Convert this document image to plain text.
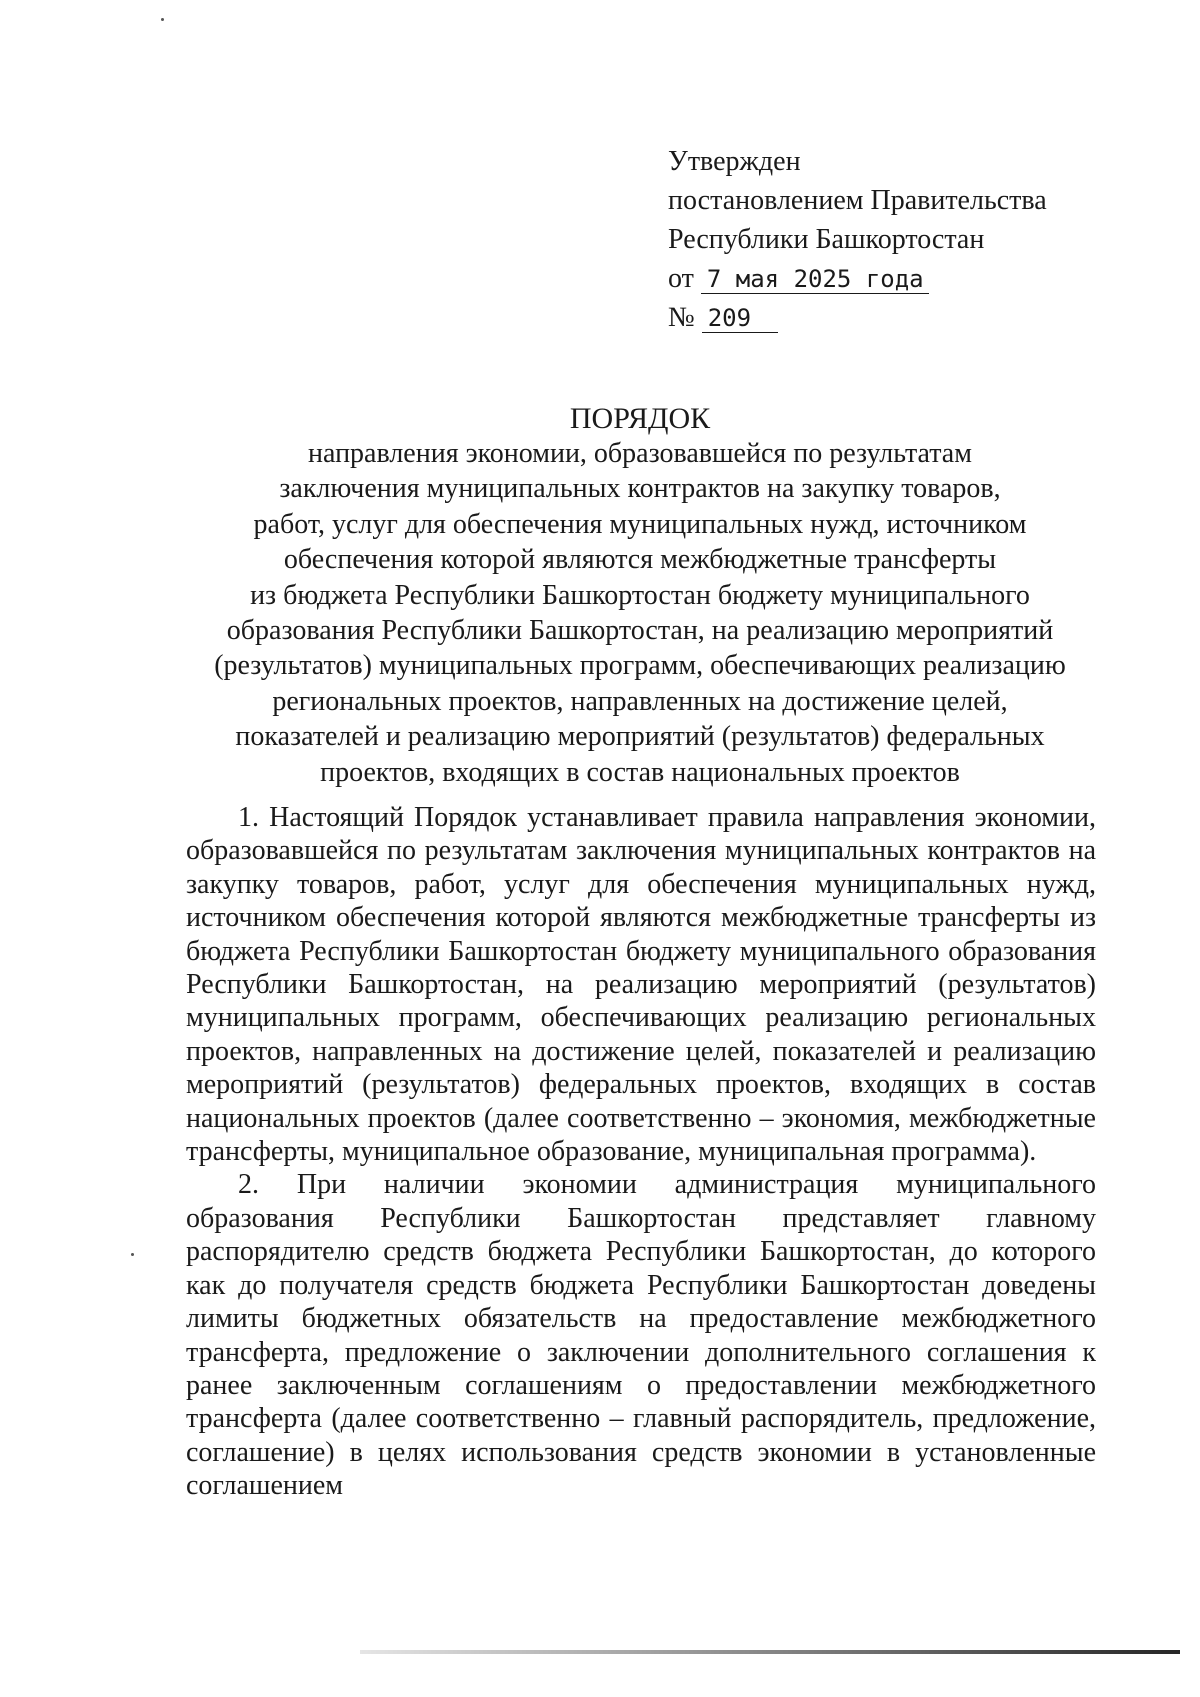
Утвержден
постановлением Правительства
Республики Башкортостан
от 7 мая 2025 года
№ 209
ПОРЯДОК
направления экономии, образовавшейся по результатам
заключения муниципальных контрактов на закупку товаров,
работ, услуг для обеспечения муниципальных нужд, источником
обеспечения которой являются межбюджетные трансферты
из бюджета Республики Башкортостан бюджету муниципального
образования Республики Башкортостан, на реализацию мероприятий
(результатов) муниципальных программ, обеспечивающих реализацию
региональных проектов, направленных на достижение целей,
показателей и реализацию мероприятий (результатов) федеральных
проектов, входящих в состав национальных проектов

1. Настоящий Порядок устанавливает правила направления экономии, образовавшейся по результатам заключения муниципальных контрактов на закупку товаров, работ, услуг для обеспечения муниципальных нужд, источником обеспечения которой являются межбюджетные трансферты из бюджета Республики Башкортостан бюджету муниципального образования Республики Башкортостан, на реализацию мероприятий (результатов) муниципальных программ, обеспечивающих реализацию региональных проектов, направленных на достижение целей, показателей и реализацию мероприятий (результатов) федеральных проектов, входящих в состав национальных проектов (далее соответственно – экономия, межбюджетные трансферты, муниципальное образование, муниципальная программа).

2. При наличии экономии администрация муниципального образования Республики Башкортостан представляет главному распорядителю средств бюджета Республики Башкортостан, до которого как до получателя средств бюджета Республики Башкортостан доведены лимиты бюджетных обязательств на предоставление межбюджетного трансферта, предложение о заключении дополнительного соглашения к ранее заключенным соглашениям о предоставлении межбюджетного трансферта (далее соответственно – главный распорядитель, предложение, соглашение) в целях использования средств экономии в установленные соглашением
